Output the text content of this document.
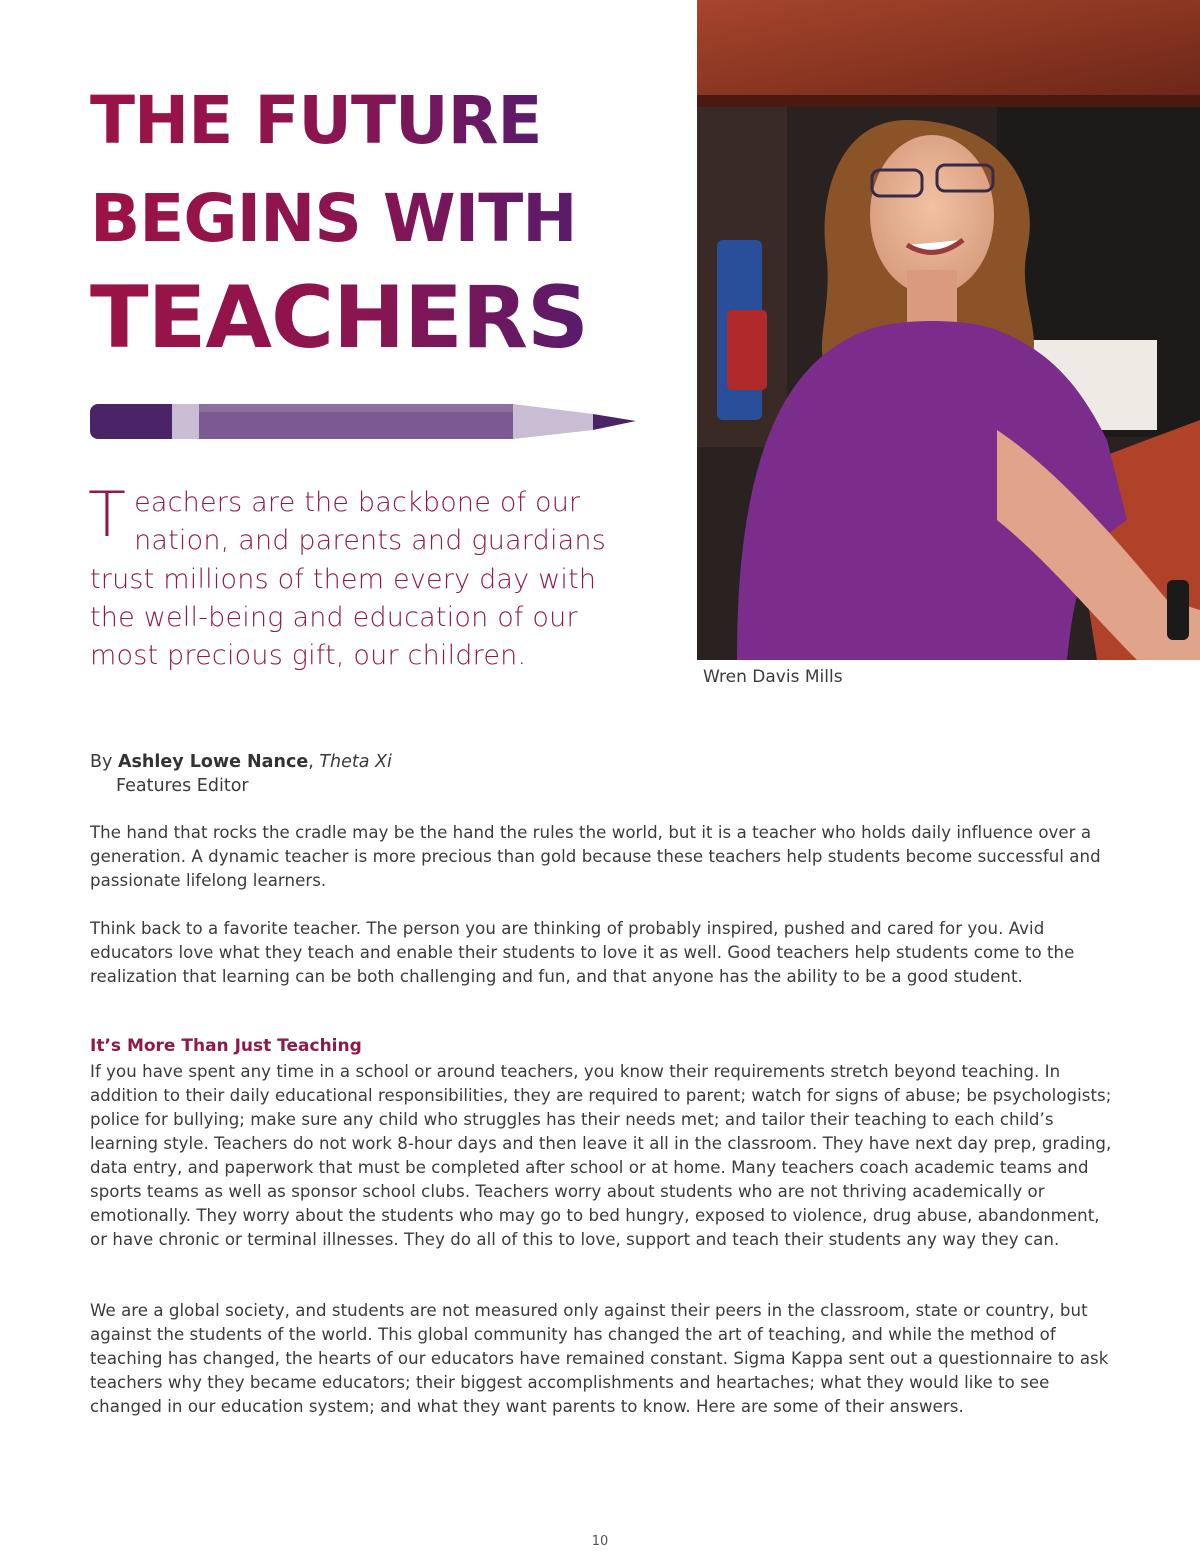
THE FUTURE
BEGINS WITH
TEACHERS

Teachers are the backbone of our nation, and parents and guardians trust millions of them every day with the well-being and education of our most precious gift, our children.

Wren Davis Mills

By Ashley Lowe Nance, Theta Xi
Features Editor

The hand that rocks the cradle may be the hand the rules the world, but it is a teacher who holds daily influence over a generation. A dynamic teacher is more precious than gold because these teachers help students become successful and passionate lifelong learners.

Think back to a favorite teacher. The person you are thinking of probably inspired, pushed and cared for you. Avid educators love what they teach and enable their students to love it as well. Good teachers help students come to the realization that learning can be both challenging and fun, and that anyone has the ability to be a good student.

It’s More Than Just Teaching

If you have spent any time in a school or around teachers, you know their requirements stretch beyond teaching. In addition to their daily educational responsibilities, they are required to parent; watch for signs of abuse; be psychologists; police for bullying; make sure any child who struggles has their needs met; and tailor their teaching to each child’s learning style. Teachers do not work 8-hour days and then leave it all in the classroom. They have next day prep, grading, data entry, and paperwork that must be completed after school or at home. Many teachers coach academic teams and sports teams as well as sponsor school clubs. Teachers worry about students who are not thriving academically or emotionally. They worry about the students who may go to bed hungry, exposed to violence, drug abuse, abandonment, or have chronic or terminal illnesses. They do all of this to love, support and teach their students any way they can.

We are a global society, and students are not measured only against their peers in the classroom, state or country, but against the students of the world. This global community has changed the art of teaching, and while the method of teaching has changed, the hearts of our educators have remained constant. Sigma Kappa sent out a questionnaire to ask teachers why they became educators; their biggest accomplishments and heartaches; what they would like to see changed in our education system; and what they want parents to know. Here are some of their answers.

10
